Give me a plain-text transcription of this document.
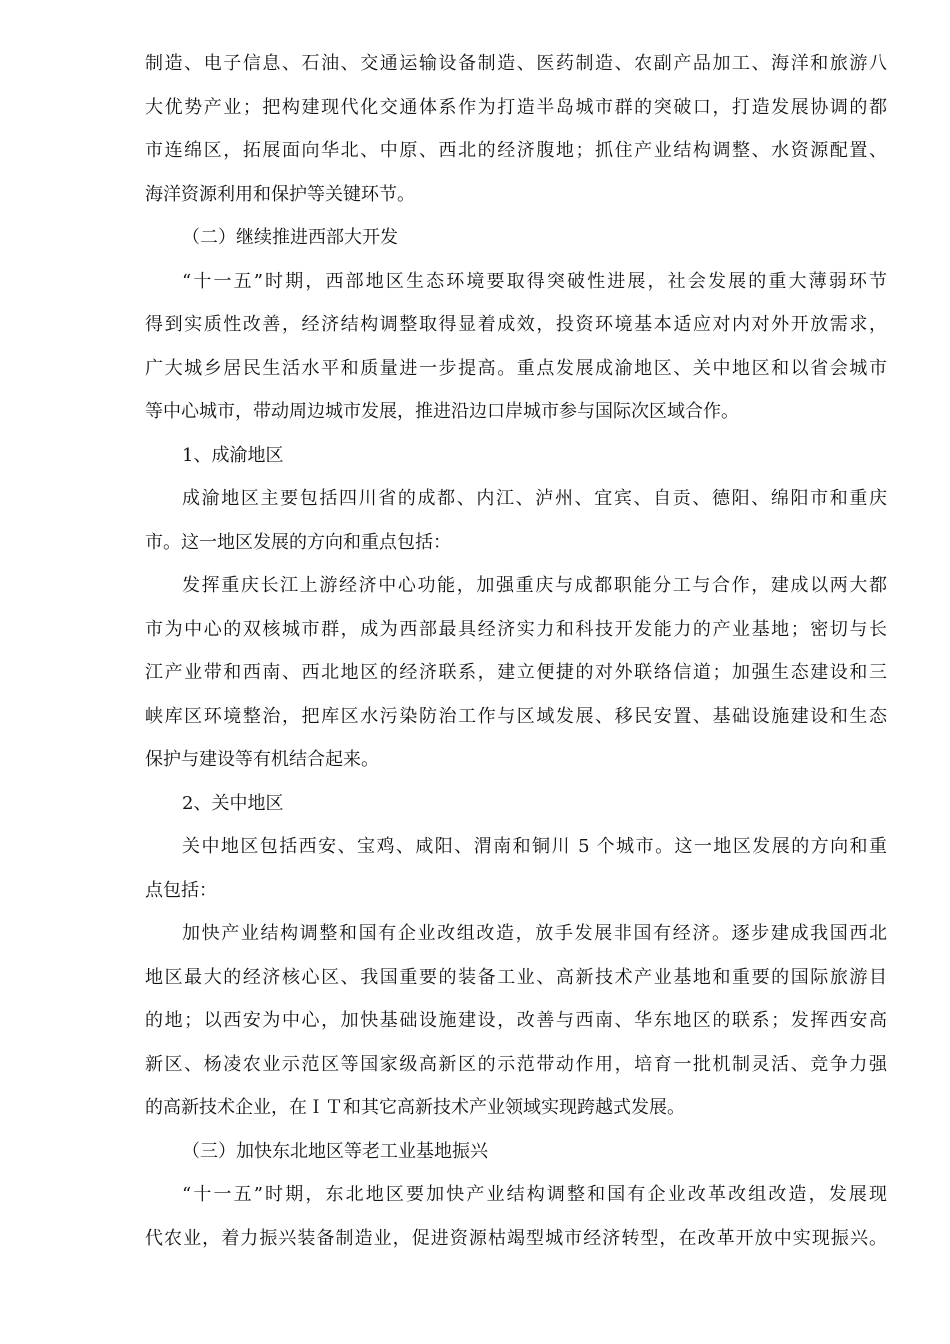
制造、电子信息、石油、交通运输设备制造、医药制造、农副产品加工、海洋和旅游八
大优势产业；把构建现代化交通体系作为打造半岛城市群的突破口，打造发展协调的都
市连绵区，拓展面向华北、中原、西北的经济腹地；抓住产业结构调整、水资源配置、
海洋资源利用和保护等关键环节。
（二）继续推进西部大开发
“十一五”时期，西部地区生态环境要取得突破性进展，社会发展的重大薄弱环节
得到实质性改善，经济结构调整取得显着成效，投资环境基本适应对内对外开放需求，
广大城乡居民生活水平和质量进一步提高。重点发展成渝地区、关中地区和以省会城市
等中心城市，带动周边城市发展，推进沿边口岸城市参与国际次区域合作。
1、成渝地区
成渝地区主要包括四川省的成都、内江、泸州、宜宾、自贡、德阳、绵阳市和重庆
市。这一地区发展的方向和重点包括：
发挥重庆长江上游经济中心功能，加强重庆与成都职能分工与合作，建成以两大都
市为中心的双核城市群，成为西部最具经济实力和科技开发能力的产业基地；密切与长
江产业带和西南、西北地区的经济联系，建立便捷的对外联络信道；加强生态建设和三
峡库区环境整治，把库区水污染防治工作与区域发展、移民安置、基础设施建设和生态
保护与建设等有机结合起来。
2、关中地区
关中地区包括西安、宝鸡、咸阳、渭南和铜川 5 个城市。这一地区发展的方向和重
点包括：
加快产业结构调整和国有企业改组改造，放手发展非国有经济。逐步建成我国西北
地区最大的经济核心区、我国重要的装备工业、高新技术产业基地和重要的国际旅游目
的地；以西安为中心，加快基础设施建设，改善与西南、华东地区的联系；发挥西安高
新区、杨凌农业示范区等国家级高新区的示范带动作用，培育一批机制灵活、竞争力强
的高新技术企业，在ＩＴ和其它高新技术产业领域实现跨越式发展。
（三）加快东北地区等老工业基地振兴
“十一五”时期，东北地区要加快产业结构调整和国有企业改革改组改造，发展现
代农业，着力振兴装备制造业，促进资源枯竭型城市经济转型，在改革开放中实现振兴。
